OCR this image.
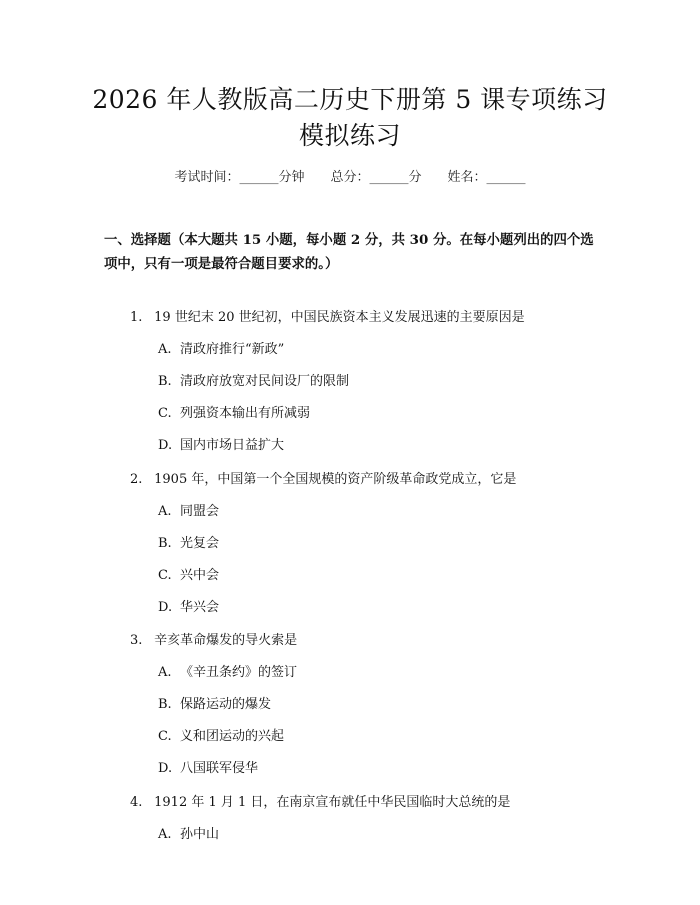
2026 年人教版高二历史下册第 5 课专项练习
模拟练习
考试时间：______分钟 总分：______分 姓名：______
一、选择题（本大题共 15 小题，每小题 2 分，共 30 分。在每小题列出的四个选
项中，只有一项是最符合题目要求的。）
1. 19 世纪末 20 世纪初，中国民族资本主义发展迅速的主要原因是
A. 清政府推行“新政”
B. 清政府放宽对民间设厂的限制
C. 列强资本输出有所减弱
D. 国内市场日益扩大
2. 1905 年，中国第一个全国规模的资产阶级革命政党成立，它是
A. 同盟会
B. 光复会
C. 兴中会
D. 华兴会
3. 辛亥革命爆发的导火索是
A. 《辛丑条约》的签订
B. 保路运动的爆发
C. 义和团运动的兴起
D. 八国联军侵华
4. 1912 年 1 月 1 日，在南京宣布就任中华民国临时大总统的是
A. 孙中山
